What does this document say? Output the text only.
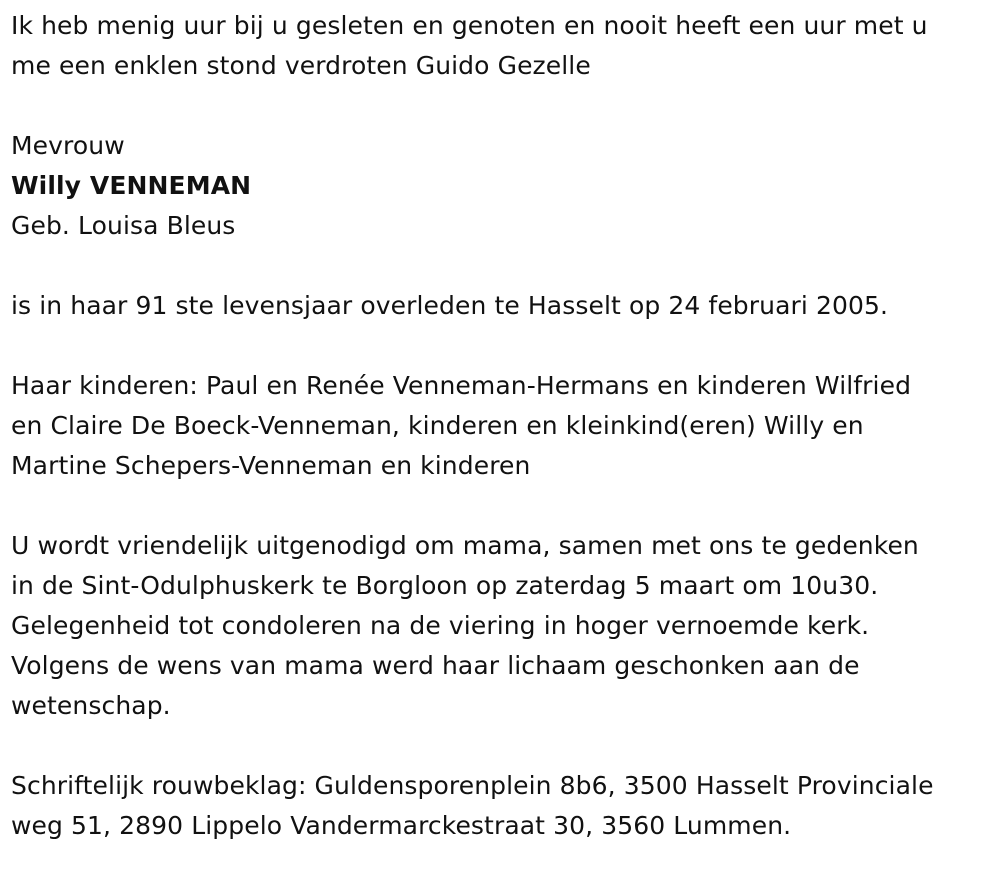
Ik heb menig uur bij u gesleten en genoten en nooit heeft een uur met u
me een enklen stond verdroten Guido Gezelle

Mevrouw
Willy VENNEMAN
Geb. Louisa Bleus

is in haar 91 ste levensjaar overleden te Hasselt op 24 februari 2005.

Haar kinderen: Paul en Renée Venneman-Hermans en kinderen Wilfried
en Claire De Boeck-Venneman, kinderen en kleinkind(eren) Willy en
Martine Schepers-Venneman en kinderen

U wordt vriendelijk uitgenodigd om mama, samen met ons te gedenken
in de Sint-Odulphuskerk te Borgloon op zaterdag 5 maart om 10u30.
Gelegenheid tot condoleren na de viering in hoger vernoemde kerk.
Volgens de wens van mama werd haar lichaam geschonken aan de
wetenschap.

Schriftelijk rouwbeklag: Guldensporenplein 8b6, 3500 Hasselt Provinciale
weg 51, 2890 Lippelo Vandermarckestraat 30, 3560 Lummen.
